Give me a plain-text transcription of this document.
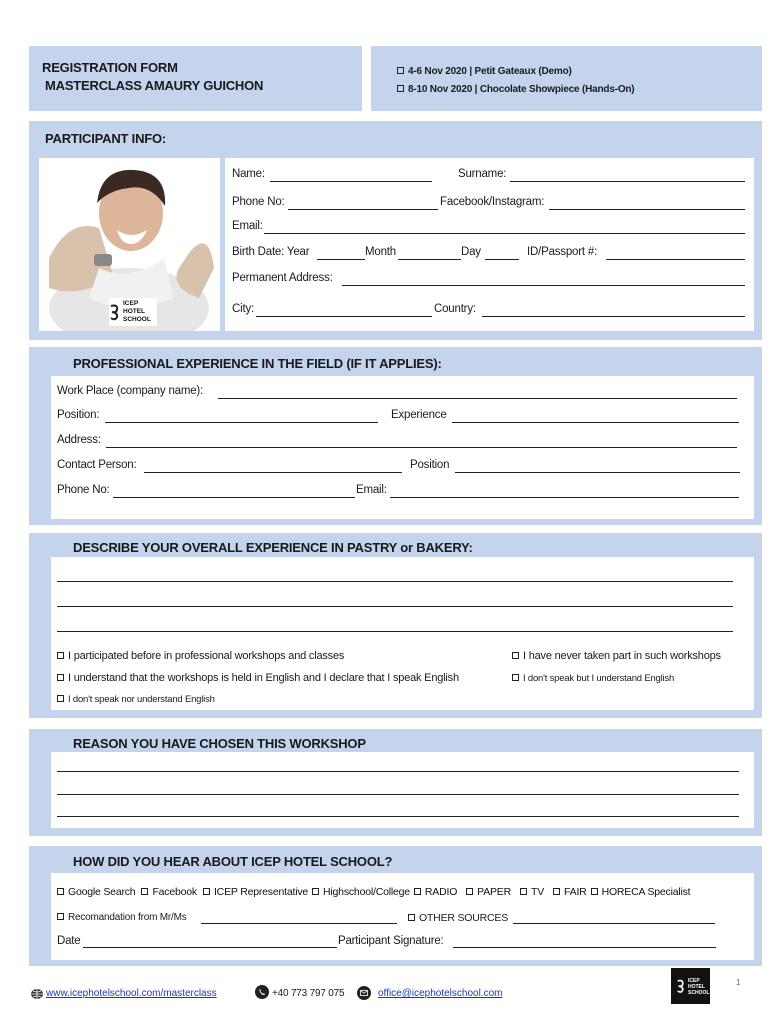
REGISTRATION FORM
MASTERCLASS AMAURY GUICHON
4-6 Nov 2020 | Petit Gateaux (Demo)
8-10 Nov 2020 | Chocolate Showpiece (Hands-On)
PARTICIPANT INFO:
ICEP
HOTEL
SCHOOL
Name:	Surname:
Phone No:	Facebook/Instagram:
Email:
Birth Date: Year	Month	Day	ID/Passport #:
Permanent Address:
City:	Country:
PROFESSIONAL EXPERIENCE IN THE FIELD (IF IT APPLIES):
Work Place (company name):
Position:	Experience
Address:
Contact Person:	Position
Phone No:	Email:
DESCRIBE YOUR OVERALL EXPERIENCE IN PASTRY or BAKERY:
I participated before in professional workshops and classes	I have never taken part in such workshops
I understand that the workshops is held in English and I declare that I speak English	I don't speak but I understand English
I don't speak nor understand English
REASON YOU HAVE CHOSEN THIS WORKSHOP
HOW DID YOU HEAR ABOUT ICEP HOTEL SCHOOL?
Google Search Facebook ICEP Representative Highschool/College RADIO PAPER TV FAIR HORECA Specialist
Recomandation from Mr/Ms	OTHER SOURCES
Date	Participant Signature:
www.icephotelschool.com/masterclass	+40 773 797 075	office@icephotelschool.com
ICEP
HOTEL
SCHOOL
1
